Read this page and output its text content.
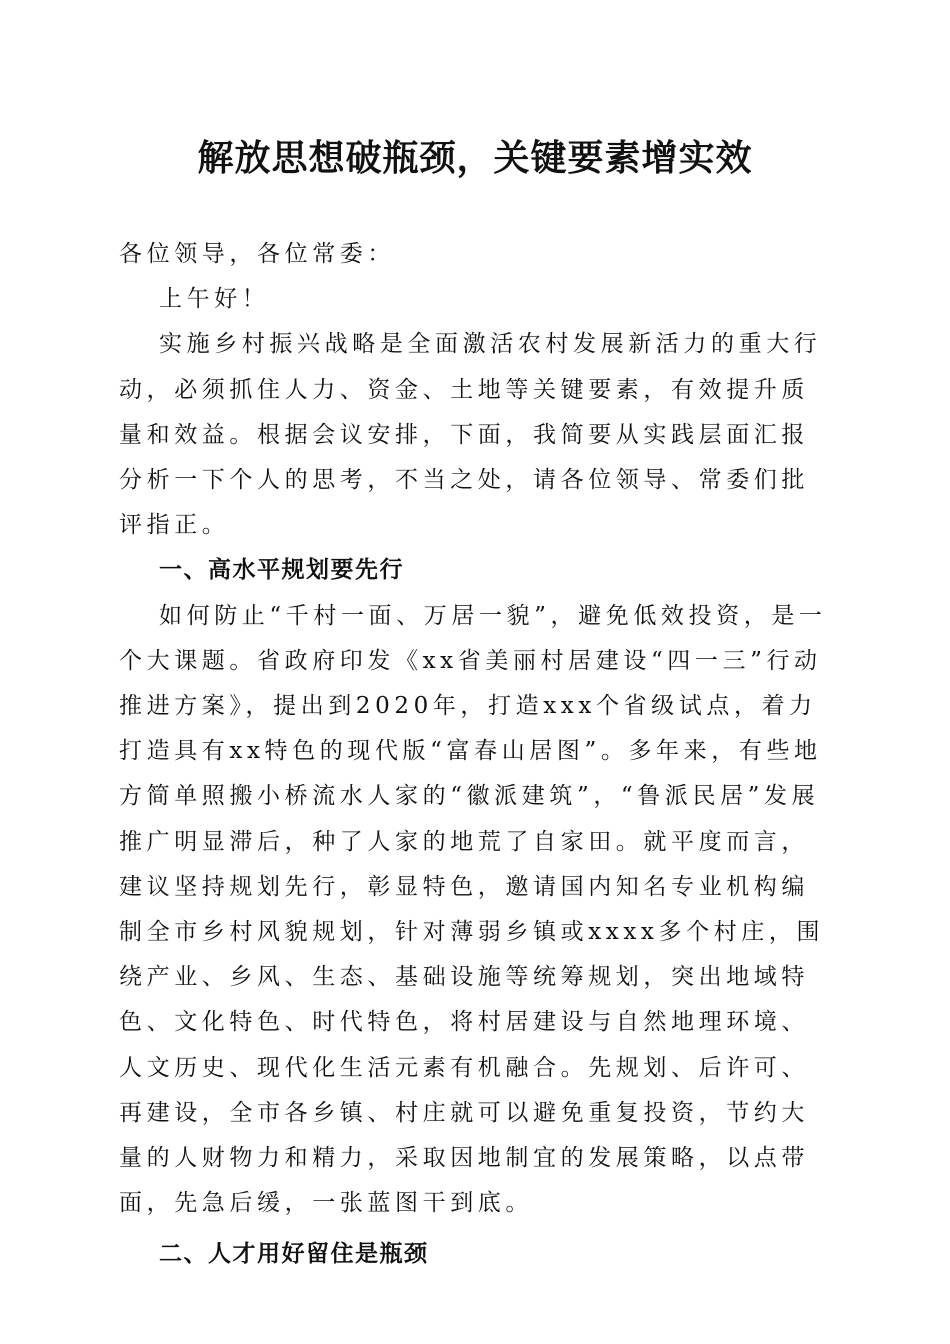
解放思想破瓶颈，关键要素增实效

各位领导，各位常委：

上午好！

实施乡村振兴战略是全面激活农村发展新活力的重大行动，必须抓住人力、资金、土地等关键要素，有效提升质量和效益。根据会议安排，下面，我简要从实践层面汇报分析一下个人的思考，不当之处，请各位领导、常委们批评指正。

一、高水平规划要先行

如何防止“千村一面、万居一貌”，避免低效投资，是一个大课题。省政府印发《xx省美丽村居建设“四一三”行动推进方案》，提出到2020年，打造xxx个省级试点，着力打造具有xx特色的现代版“富春山居图”。多年来，有些地方简单照搬小桥流水人家的“徽派建筑”，“鲁派民居”发展推广明显滞后，种了人家的地荒了自家田。就平度而言，建议坚持规划先行，彰显特色，邀请国内知名专业机构编制全市乡村风貌规划，针对薄弱乡镇或xxxx多个村庄，围绕产业、乡风、生态、基础设施等统筹规划，突出地域特色、文化特色、时代特色，将村居建设与自然地理环境、人文历史、现代化生活元素有机融合。先规划、后许可、再建设，全市各乡镇、村庄就可以避免重复投资，节约大量的人财物力和精力，采取因地制宜的发展策略，以点带面，先急后缓，一张蓝图干到底。

二、人才用好留住是瓶颈
